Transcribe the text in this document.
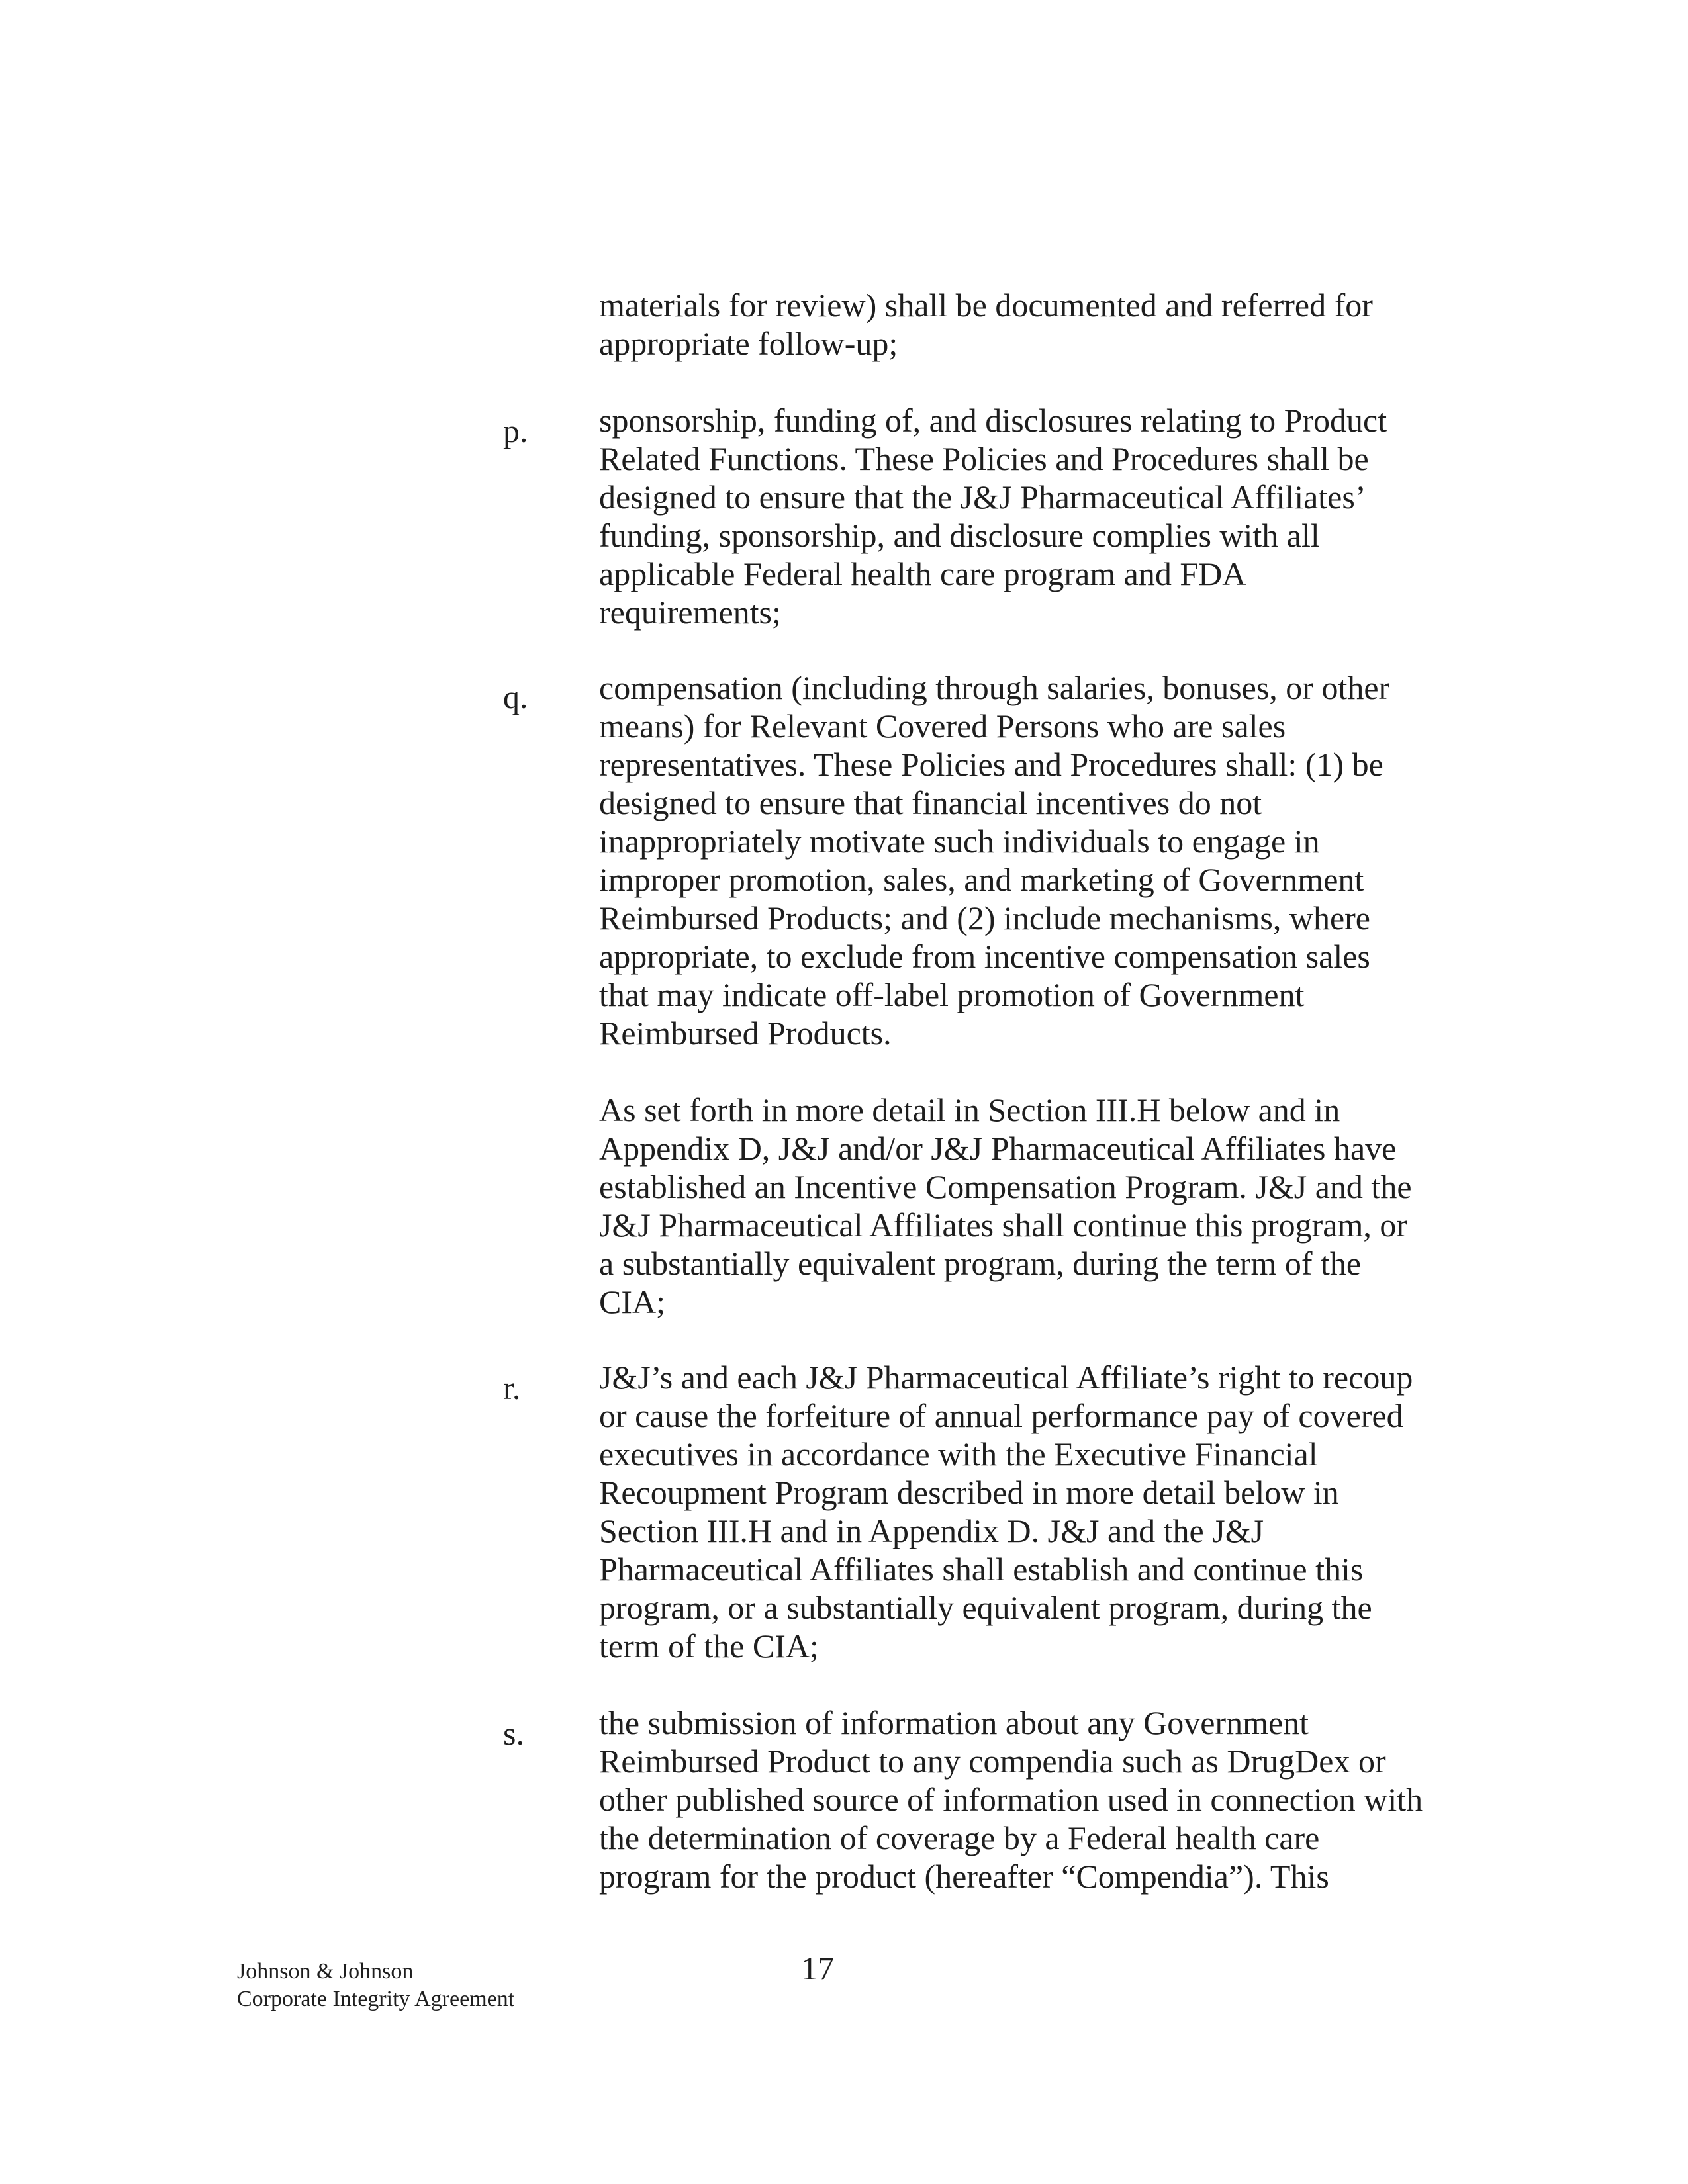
materials for review) shall be documented and referred for
appropriate follow-up;
p. sponsorship, funding of, and disclosures relating to Product
Related Functions. These Policies and Procedures shall be
designed to ensure that the J&J Pharmaceutical Affiliates’
funding, sponsorship, and disclosure complies with all
applicable Federal health care program and FDA
requirements;
q. compensation (including through salaries, bonuses, or other
means) for Relevant Covered Persons who are sales
representatives. These Policies and Procedures shall: (1) be
designed to ensure that financial incentives do not
inappropriately motivate such individuals to engage in
improper promotion, sales, and marketing of Government
Reimbursed Products; and (2) include mechanisms, where
appropriate, to exclude from incentive compensation sales
that may indicate off-label promotion of Government
Reimbursed Products.
As set forth in more detail in Section III.H below and in
Appendix D, J&J and/or J&J Pharmaceutical Affiliates have
established an Incentive Compensation Program. J&J and the
J&J Pharmaceutical Affiliates shall continue this program, or
a substantially equivalent program, during the term of the
CIA;
r. J&J’s and each J&J Pharmaceutical Affiliate’s right to recoup
or cause the forfeiture of annual performance pay of covered
executives in accordance with the Executive Financial
Recoupment Program described in more detail below in
Section III.H and in Appendix D. J&J and the J&J
Pharmaceutical Affiliates shall establish and continue this
program, or a substantially equivalent program, during the
term of the CIA;
s. the submission of information about any Government
Reimbursed Product to any compendia such as DrugDex or
other published source of information used in connection with
the determination of coverage by a Federal health care
program for the product (hereafter “Compendia”). This
Johnson & Johnson
Corporate Integrity Agreement
17
